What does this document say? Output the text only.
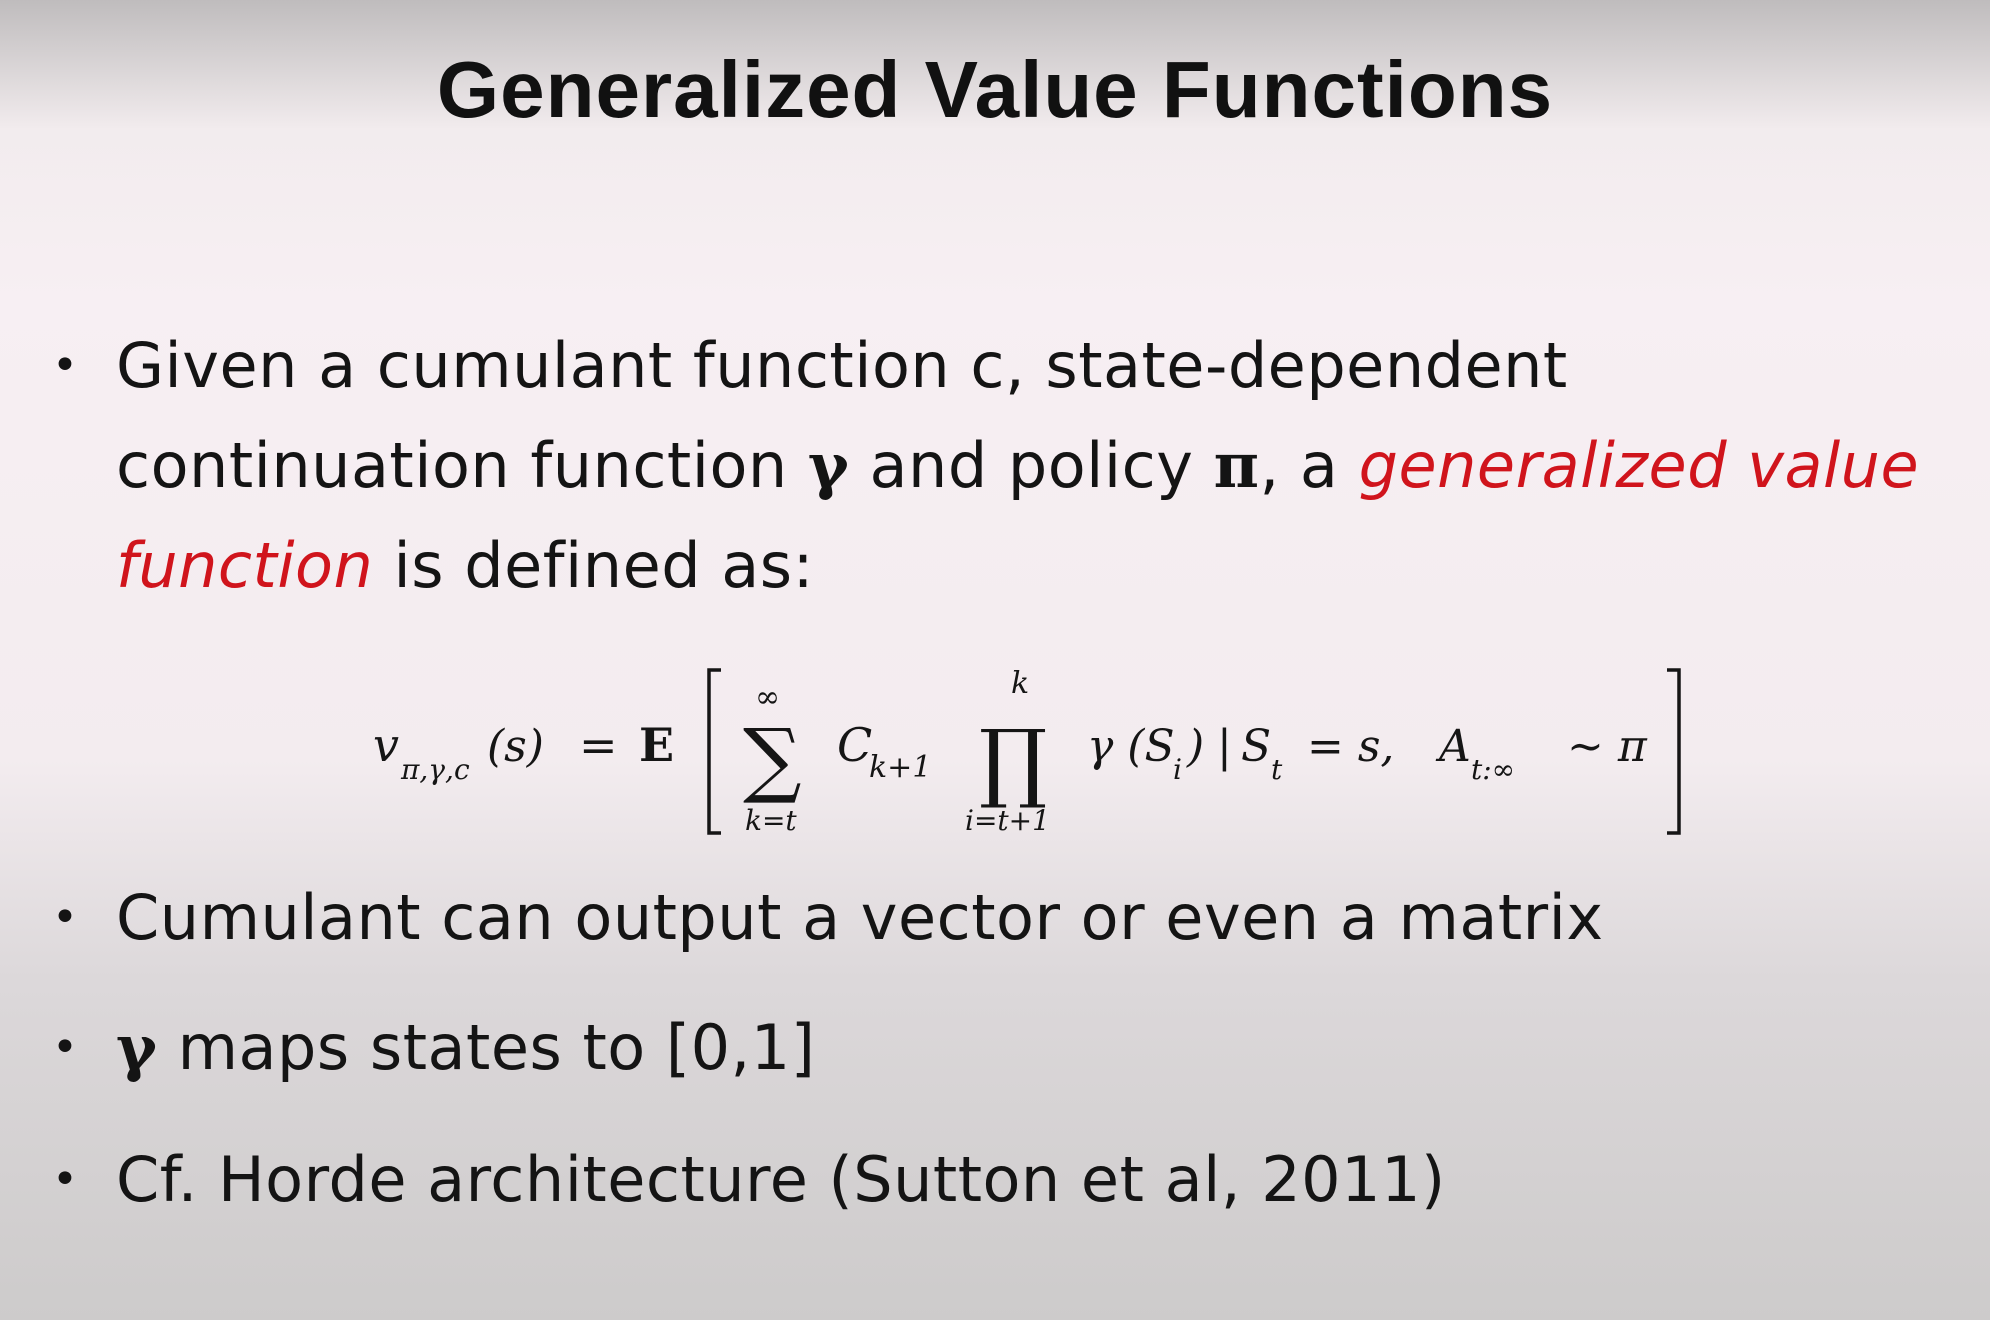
Generalized Value Functions
• Given a cumulant function c, state-dependent
continuation function γ and policy π, a generalized value
function is defined as:
v π,γ,c (s) = E
∞
∑
k=t
C
k+1
k
∏
i=t+1
γ (S
i ) | S t = s, A t:∞ ∼ π
• Cumulant can output a vector or even a matrix
• γ maps states to [0,1]
• Cf. Horde architecture (Sutton et al, 2011)
